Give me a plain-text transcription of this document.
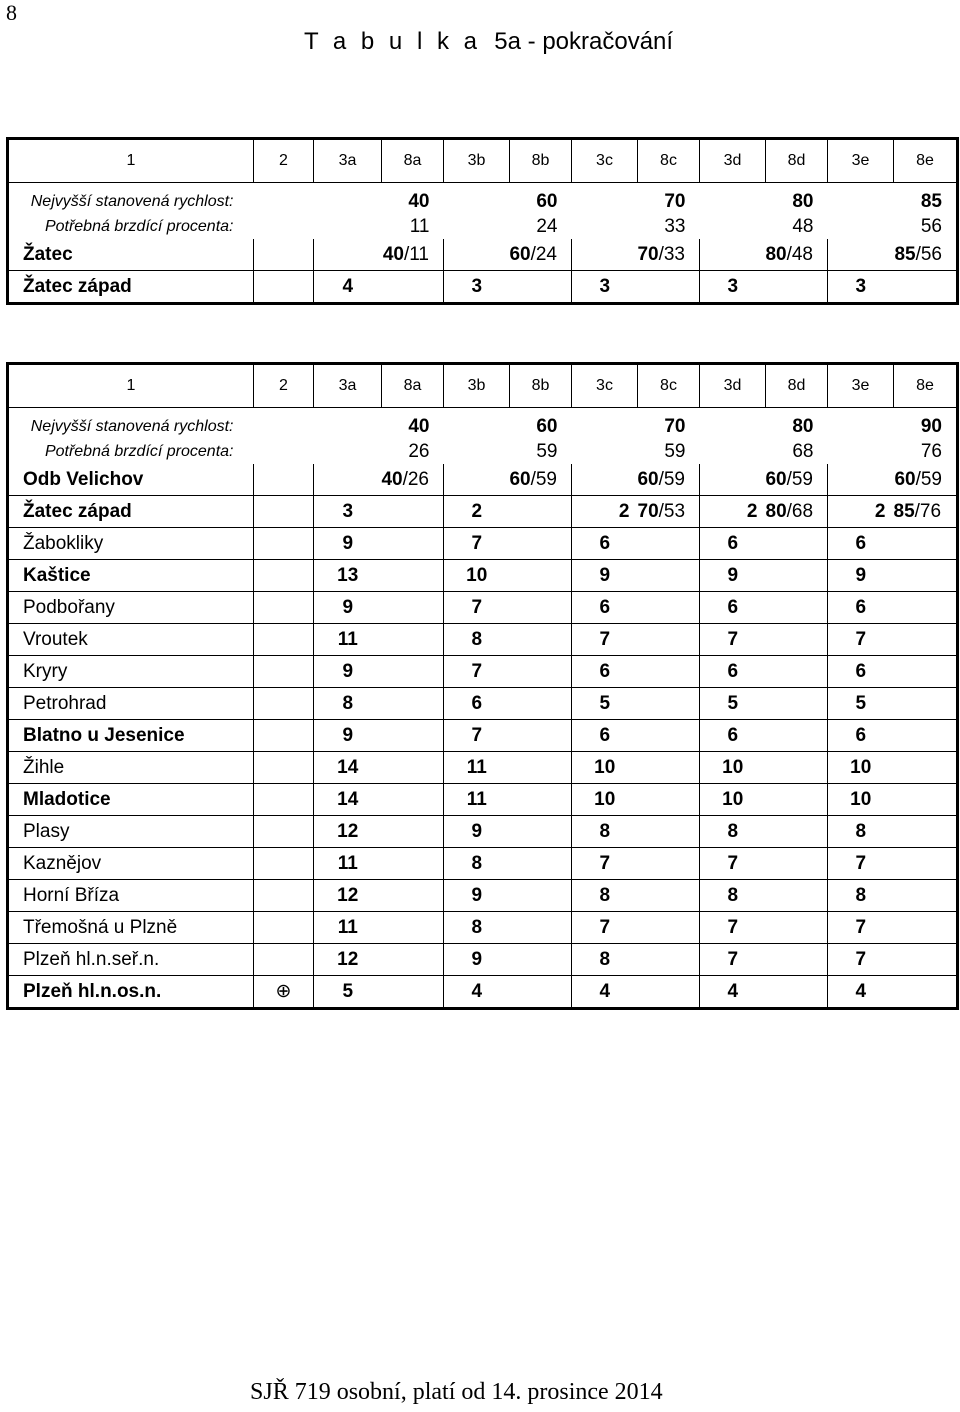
8
T a b u l k a  5a - pokračování
1	2	3a	8a	3b	8b	3c	8c	3d	8d	3e	8e
Nejvyšší stanovená rychlost:		40		60		70		80		85	
Potřebná brzdící procenta:		11		24		33		48		56	
Žatec		40/11		60/24		70/33		80/48		85/56	
Žatec západ		4		3		3		3		3	
1	2	3a	8a	3b	8b	3c	8c	3d	8d	3e	8e
Nejvyšší stanovená rychlost:		40		60		70		80		90	
Potřebná brzdící procenta:		26		59		59		68		76	
Odb Velichov		40/26		60/59		60/59		60/59		60/59	
Žatec západ		3		2		2	70/53	2	80/68	2	85/76
Žabokliky		9		7		6		6		6	
Kaštice		13		10		9		9		9	
Podbořany		9		7		6		6		6	
Vroutek		11		8		7		7		7	
Kryry		9		7		6		6		6	
Petrohrad		8		6		5		5		5	
Blatno u Jesenice		9		7		6		6		6	
Žihle		14		11		10		10		10	
Mladotice		14		11		10		10		10	
Plasy		12		9		8		8		8	
Kaznějov		11		8		7		7		7	
Horní Bříza		12		9		8		8		8	
Třemošná u Plzně		11		8		7		7		7	
Plzeň hl.n.seř.n.		12		9		8		7		7	
Plzeň hl.n.os.n.	⊕	5		4		4		4		4	
SJŘ 719 osobní, platí od 14. prosince 2014
